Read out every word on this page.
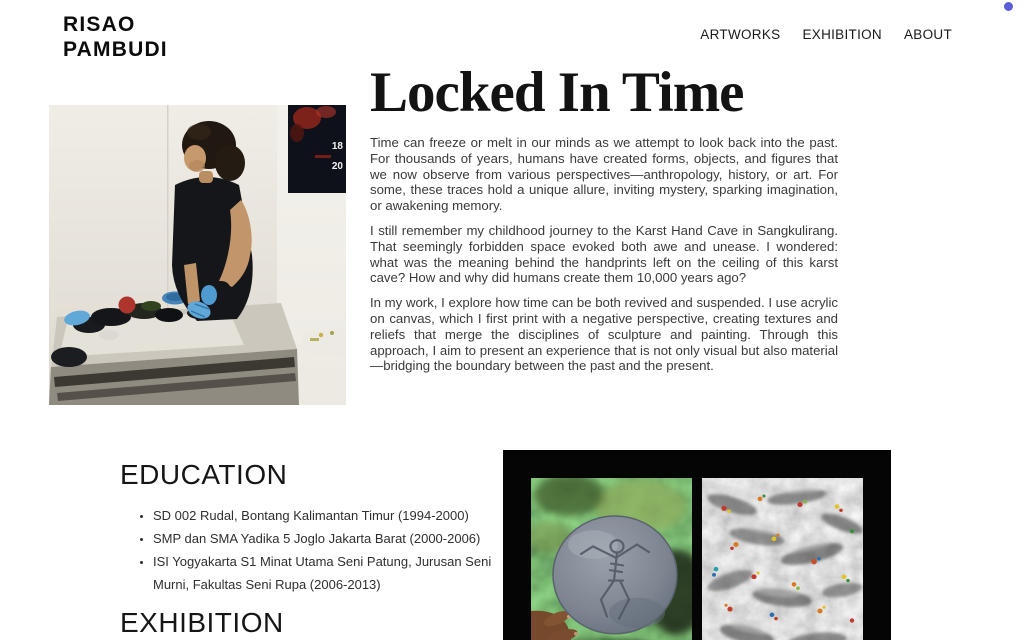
RISAO
PAMBUDI
ARTWORKS EXHIBITION ABOUT
18
20
Locked In Time

Time can freeze or melt in our minds as we attempt to look back into the past. For thousands of years, humans have created forms, objects, and figures that we now observe from various perspectives—anthropology, history, or art. For some, these traces hold a unique allure, inviting mystery, sparking imagination, or awakening memory.

I still remember my childhood journey to the Karst Hand Cave in Sangkulirang. That seemingly forbidden space evoked both awe and unease. I wondered: what was the meaning behind the handprints left on the ceiling of this karst cave? How and why did humans create them 10,000 years ago?

In my work, I explore how time can be both revived and suspended. I use acrylic on canvas, which I first print with a negative perspective, creating textures and reliefs that merge the disciplines of sculpture and painting. Through this approach, I aim to present an experience that is not only visual but also material—bridging the boundary between the past and the present.

EDUCATION
• SD 002 Rudal, Bontang Kalimantan Timur (1994-2000)
• SMP dan SMA Yadika 5 Joglo Jakarta Barat (2000-2006)
• ISI Yogyakarta S1 Minat Utama Seni Patung, Jurusan Seni Murni, Fakultas Seni Rupa (2006-2013)
EXHIBITION
